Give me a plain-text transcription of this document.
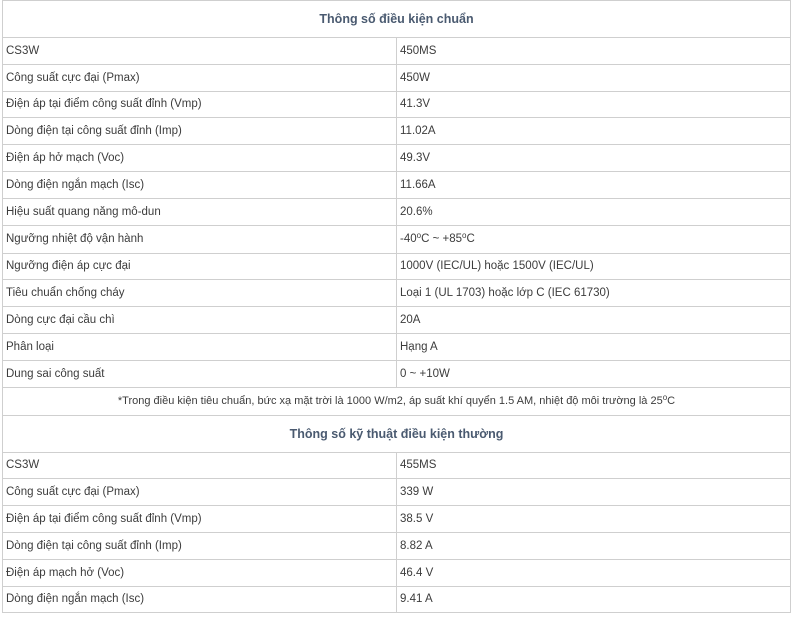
Thông số điều kiện chuẩn	
CS3W	450MS
Công suất cực đại (Pmax)	450W
Điện áp tại điểm công suất đỉnh (Vmp)	41.3V
Dòng điện tại công suất đỉnh (Imp)	11.02A
Điện áp hở mạch (Voc)	49.3V
Dòng điện ngắn mạch (Isc)	11.66A
Hiệu suất quang năng mô-dun	20.6%
Ngưỡng nhiệt độ vận hành	-40$^o$C ~ $+85^oC$
Ngưỡng điện áp cực đại	1000V (IEC/UL) hoặc 1500V (IEC/UL)
Tiêu chuẩn chống cháy	Loại 1 (UL 1703) hoặc lớp C (IEC 61730)
Dòng cực đại cầu chì	20A
Phân loại	Hạng A
Dung sai công suất	0 ~ +10W
*Trong điều kiện tiêu chuẩn, bức xạ mặt trời là 1000 W/m2, áp suất khí quyển 1.5 AM, nhiệt độ môi trường là 25$^o$C	
Thông số kỹ thuật điều kiện thường	
CS3W	455MS
Công suất cực đại (Pmax)	339 W
Điện áp tại điểm công suất đỉnh (Vmp)	38.5 V
Dòng điện tại công suất đỉnh (Imp)	8.82 A
Điện áp mạch hở (Voc)	46.4 V
Dòng điện ngắn mạch (Isc)	9.41 A
